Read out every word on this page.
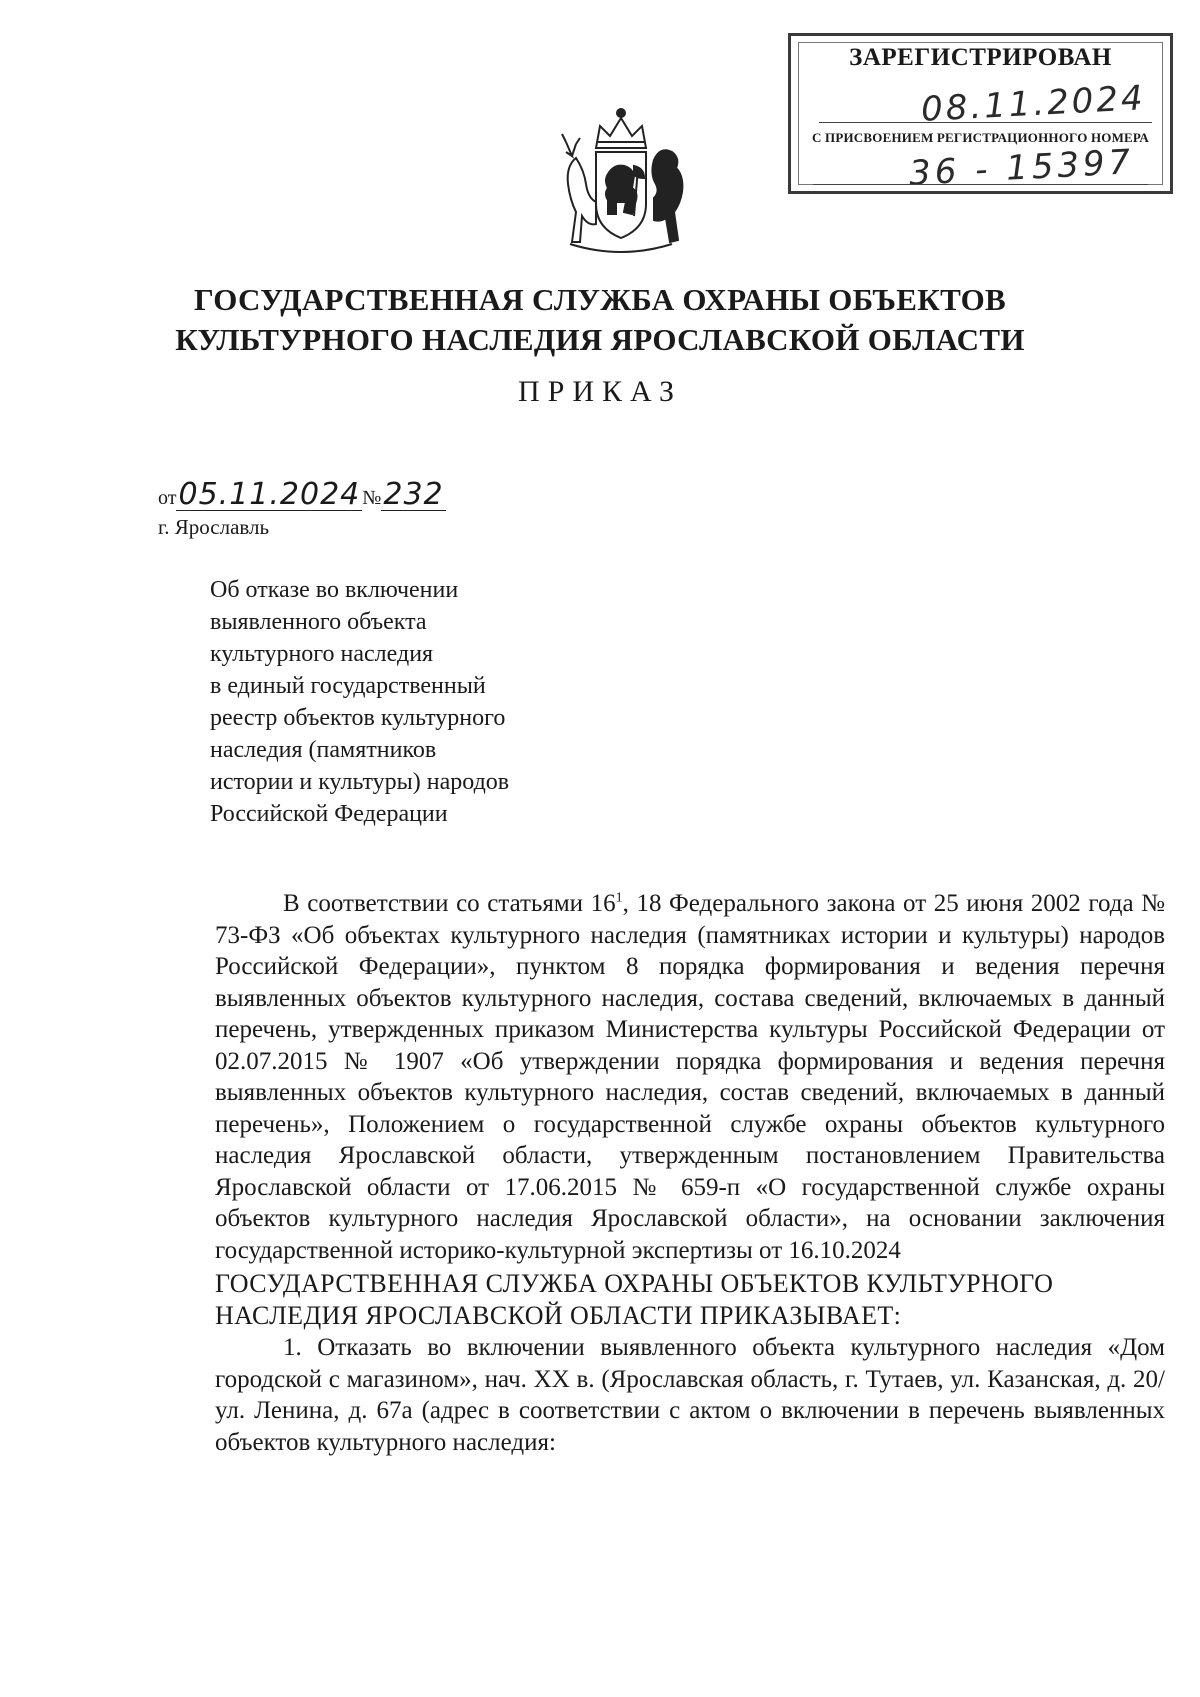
ЗАРЕГИСТРИРОВАН
08.11.2024
С ПРИСВОЕНИЕМ РЕГИСТРАЦИОННОГО НОМЕРА
36 - 15397
ГОСУДАРСТВЕННАЯ СЛУЖБА ОХРАНЫ ОБЪЕКТОВ
КУЛЬТУРНОГО НАСЛЕДИЯ ЯРОСЛАВСКОЙ ОБЛАСТИ
ПРИКАЗ
от 05.11.2024 № 232
г. Ярославль
Об отказе во включении
выявленного объекта
культурного наследия
в единый государственный
реестр объектов культурного
наследия (памятников
истории и культуры) народов
Российской Федерации
В соответствии со статьями $16^1$, 18 Федерального закона от 25 июня 2002 года № 73-ФЗ «Об объектах культурного наследия (памятниках истории и культуры) народов Российской Федерации», пунктом 8 порядка формирования и ведения перечня выявленных объектов культурного наследия, состава сведений, включаемых в данный перечень, утвержденных приказом Министерства культуры Российской Федерации от 02.07.2015 № 1907 «Об утверждении порядка формирования и ведения перечня выявленных объектов культурного наследия, состав сведений, включаемых в данный перечень», Положением о государственной службе охраны объектов культурного наследия Ярославской области, утвержденным постановлением Правительства Ярославской области от 17.06.2015 № 659-п «О государственной службе охраны объектов культурного наследия Ярославской области», на основании заключения государственной историко-культурной экспертизы от 16.10.2024
ГОСУДАРСТВЕННАЯ СЛУЖБА ОХРАНЫ ОБЪЕКТОВ КУЛЬТУРНОГО
НАСЛЕДИЯ ЯРОСЛАВСКОЙ ОБЛАСТИ ПРИКАЗЫВАЕТ:
1. Отказать во включении выявленного объекта культурного наследия «Дом городской с магазином», нач. XX в. (Ярославская область, г. Тутаев, ул. Казанская, д. 20/ ул. Ленина, д. 67а (адрес в соответствии с актом о включении в перечень выявленных объектов культурного наследия:
